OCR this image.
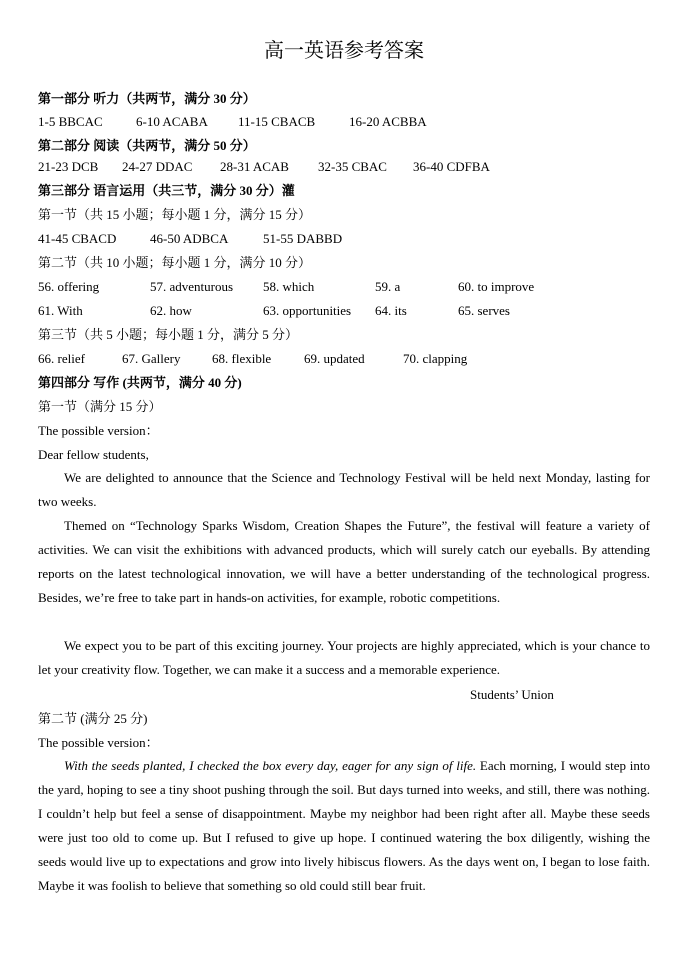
高一英语参考答案
第一部分 听力（共两节，满分 30 分）
1-5 BBCAC	6-10 ACABA 11-15 CBACB	16-20 ACBBA
第二部分 阅读（共两节，满分 50 分）
21-23 DCB 24-27 DDAC 28-31 ACAB 32-35 CBAC 36-40 CDFBA
第三部分 语言运用（共三节，满分 30 分）灌
第一节（共 15 小题；每小题 1 分，满分 15 分）
41-45 CBACD	46-50 ADBCA	51-55 DABBD
第二节（共 10 小题；每小题 1 分，满分 10 分）
56. offering	57. adventurous 58. which	59. a	60. to improve
61. With	62. how	63. opportunities 64. its	65. serves
第三节（共 5 小题；每小题 1 分，满分 5 分）
66. relief	67. Gallery 68. flexible	69. updated	70. clapping
第四部分 写作 (共两节，满分 40 分)
第一节（满分 15 分）
The possible version：
Dear fellow students,
We are delighted to announce that the Science and Technology Festival will be held next Monday, lasting for two weeks.
Themed on “Technology Sparks Wisdom, Creation Shapes the Future”, the festival will feature a variety of activities. We can visit the exhibitions with advanced products, which will surely catch our eyeballs. By attending reports on the latest technological innovation, we will have a better understanding of the technological progress. Besides, we’re free to take part in hands-on activities, for example, robotic competitions.
We expect you to be part of this exciting journey. Your projects are highly appreciated, which is your chance to let your creativity flow. Together, we can make it a success and a memorable experience.
Students’ Union
第二节 (满分 25 分)
The possible version：
With the seeds planted, I checked the box every day, eager for any sign of life. Each morning, I would step into the yard, hoping to see a tiny shoot pushing through the soil. But days turned into weeks, and still, there was nothing. I couldn’t help but feel a sense of disappointment. Maybe my neighbor had been right after all. Maybe these seeds were just too old to come up. But I refused to give up hope. I continued watering the box diligently, wishing the seeds would live up to expectations and grow into lively hibiscus flowers. As the days went on, I began to lose faith. Maybe it was foolish to believe that something so old could still bear fruit.
